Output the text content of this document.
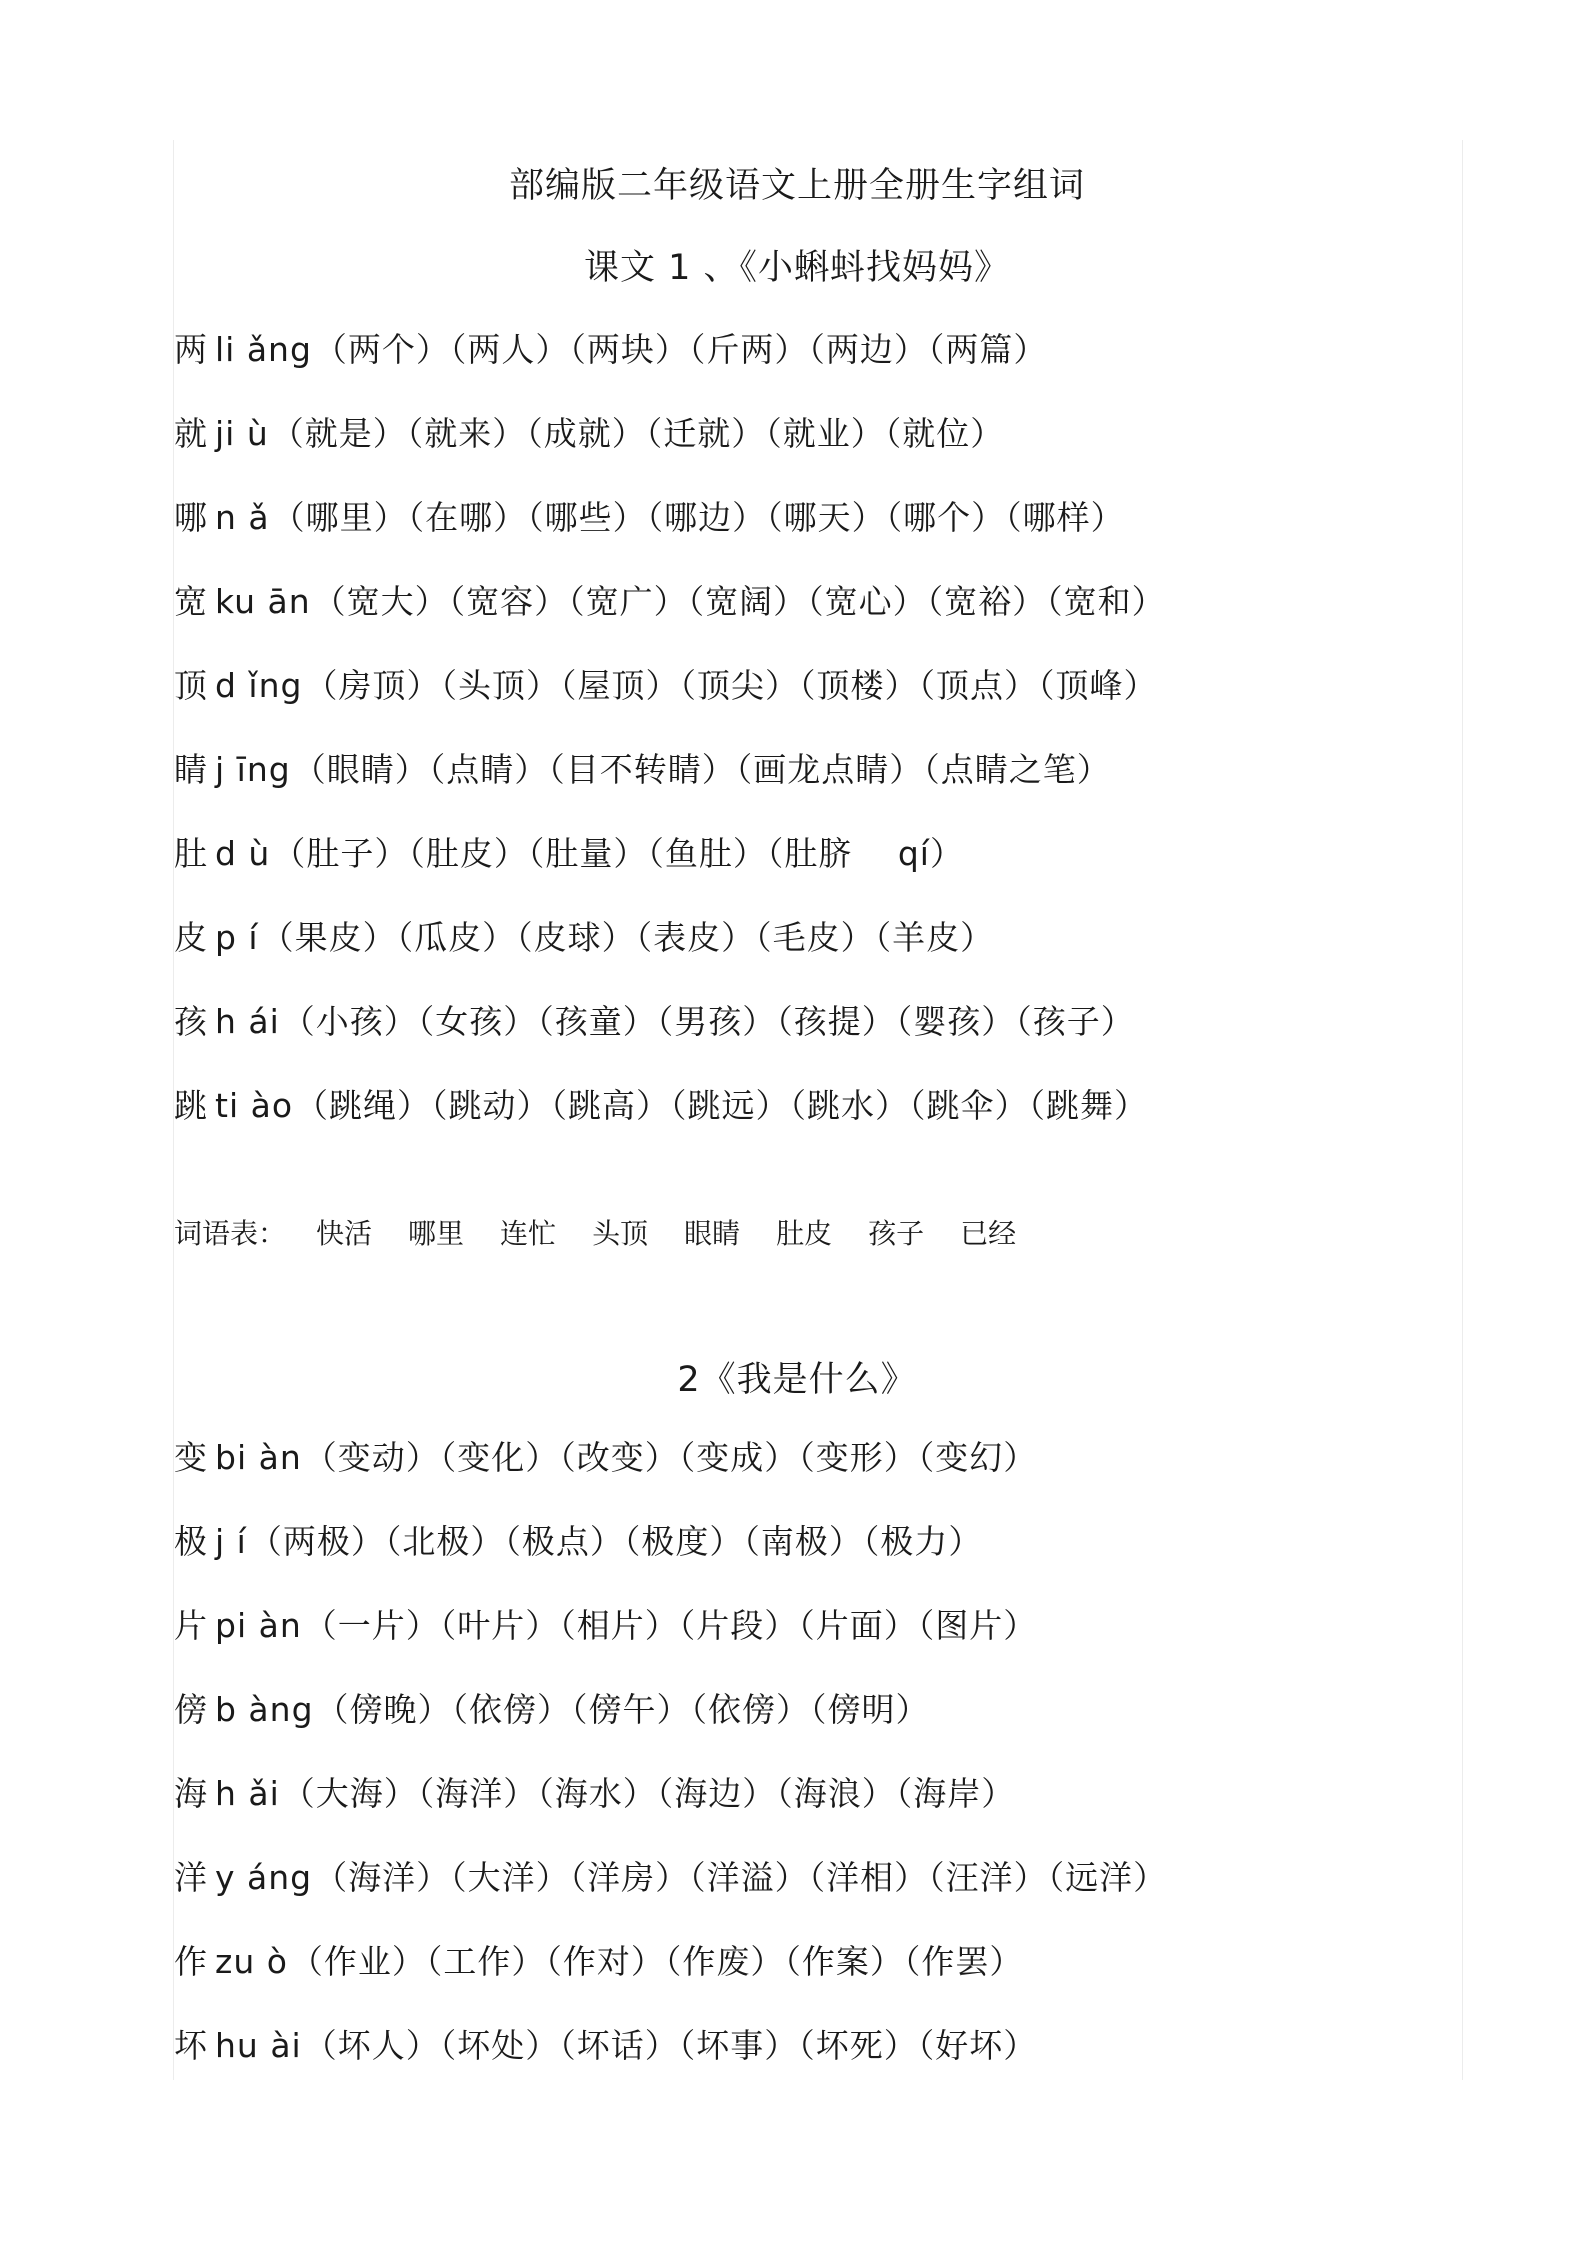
部编版二年级语文上册全册生字组词
课文 1 、《小蝌蚪找妈妈》
两 li ǎng（两个）（两人）（两块）（斤两）（两边）（两篇）
就 ji ù（就是）（就来）（成就）（迁就）（就业）（就位）
哪 n ǎ（哪里）（在哪）（哪些）（哪边）（哪天）（哪个）（哪样）
宽 ku ān（宽大）（宽容）（宽广）（宽阔）（宽心）（宽裕）（宽和）
顶 d ǐng（房顶）（头顶）（屋顶）（顶尖）（顶楼）（顶点）（顶峰）
睛 j īng（眼睛）（点睛）（目不转睛）（画龙点睛）（点睛之笔）
肚 d ù（肚子）（肚皮）（肚量）（鱼肚）（肚脐　 qí）
皮 p í（果皮）（瓜皮）（皮球）（表皮）（毛皮）（羊皮）
孩 h ái（小孩）（女孩）（孩童）（男孩）（孩提）（婴孩）（孩子）
跳 ti ào（跳绳）（跳动）（跳高）（跳远）（跳水）（跳伞）（跳舞）
词语表： 快活 哪里 连忙 头顶 眼睛 肚皮 孩子 已经
2《我是什么》
变 bi àn（变动）（变化）（改变）（变成）（变形）（变幻）
极 j í（两极）（北极）（极点）（极度）（南极）（极力）
片 pi àn（一片）（叶片）（相片）（片段）（片面）（图片）
傍 b àng（傍晚）（依傍）（傍午）（依傍）（傍明）
海 h ǎi（大海）（海洋）（海水）（海边）（海浪）（海岸）
洋 y áng（海洋）（大洋）（洋房）（洋溢）（洋相）（汪洋）（远洋）
作 zu ò（作业）（工作）（作对）（作废）（作案）（作罢）
坏 hu ài（坏人）（坏处）（坏话）（坏事）（坏死）（好坏）
